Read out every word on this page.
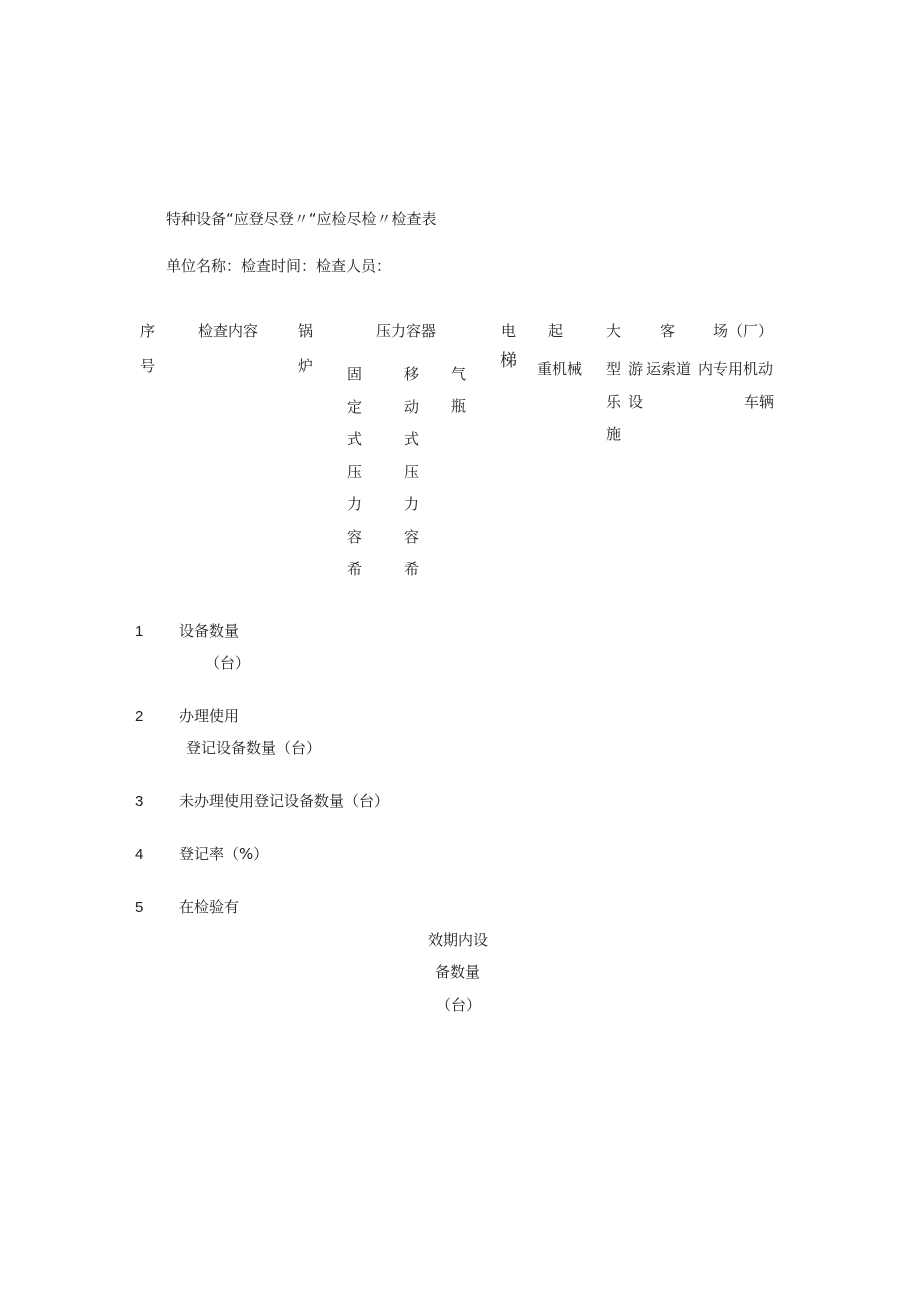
特种设备“应登尽登〃“应检尽检〃检查表
单位名称：检查时间：检查人员：
序
号
检查内容	锅
炉
压力容器
固
定
式
压
力
容
希
移
动
式
压
力
容
希
气
瓶
电
梯
起
重机械
大
型
乐
施
游
设
客
运索道
场（厂）
内专用机动
车辆
1 设备数量
（台）
2 办理使用
登记设备数量（台）
3 未办理使用登记设备数量（台）
4 登记率（%）
5 在检验有
效期内设
备数量
（台）
